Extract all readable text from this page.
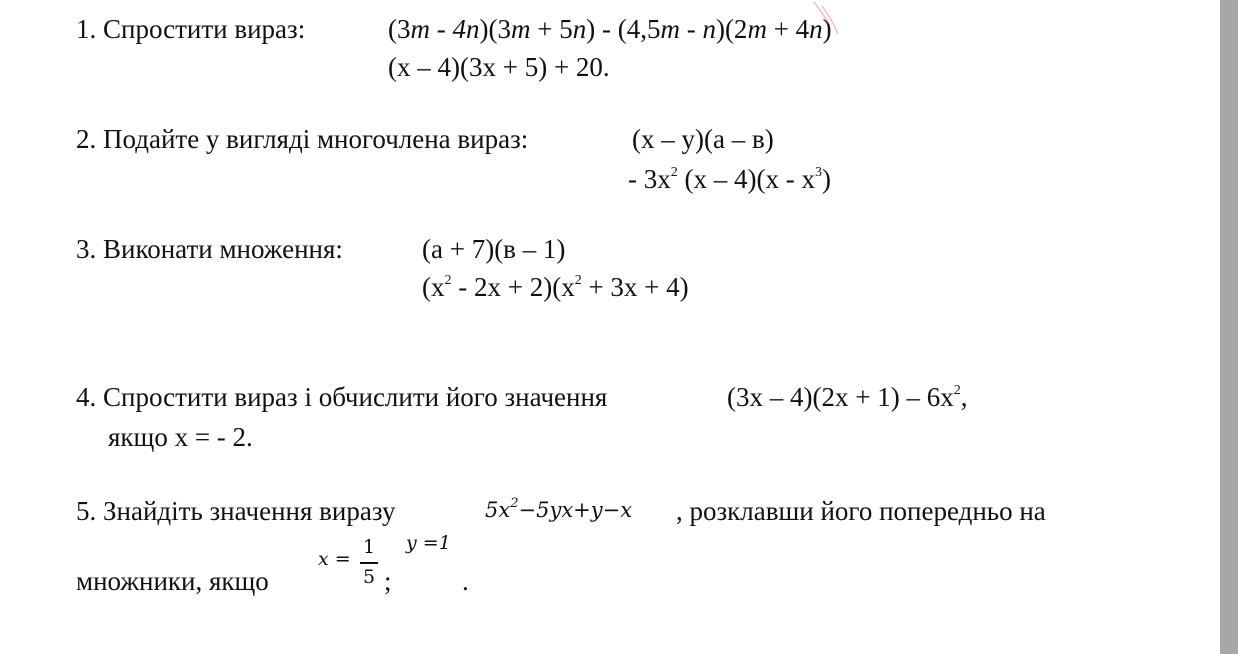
1. Спростити вираз:	(3m - 4n)(3m + 5n) - (4,5m - n)(2m + 4n)
(x – 4)(3x + 5) + 20.
2. Подайте у вигляді многочлена вираз:	(x – y)(a – в)
- $3x^2$ $(x - 4)(x - x^3)$
3. Виконати множення:	(a + 7)(в – 1)
$(x^2 - 2x + 2)(x^2 + 3x + 4)$
4. Спростити вираз і обчислити його значення	$(3x - 4)(2x + 1) - 6x^2$,
якщо x = - 2.
5. Знайдіть значення виразу	$5x^2-5yx+y-x$ , розклавши його попередньо на
множники, якщо
x =
1
5 ;
y =1
.
